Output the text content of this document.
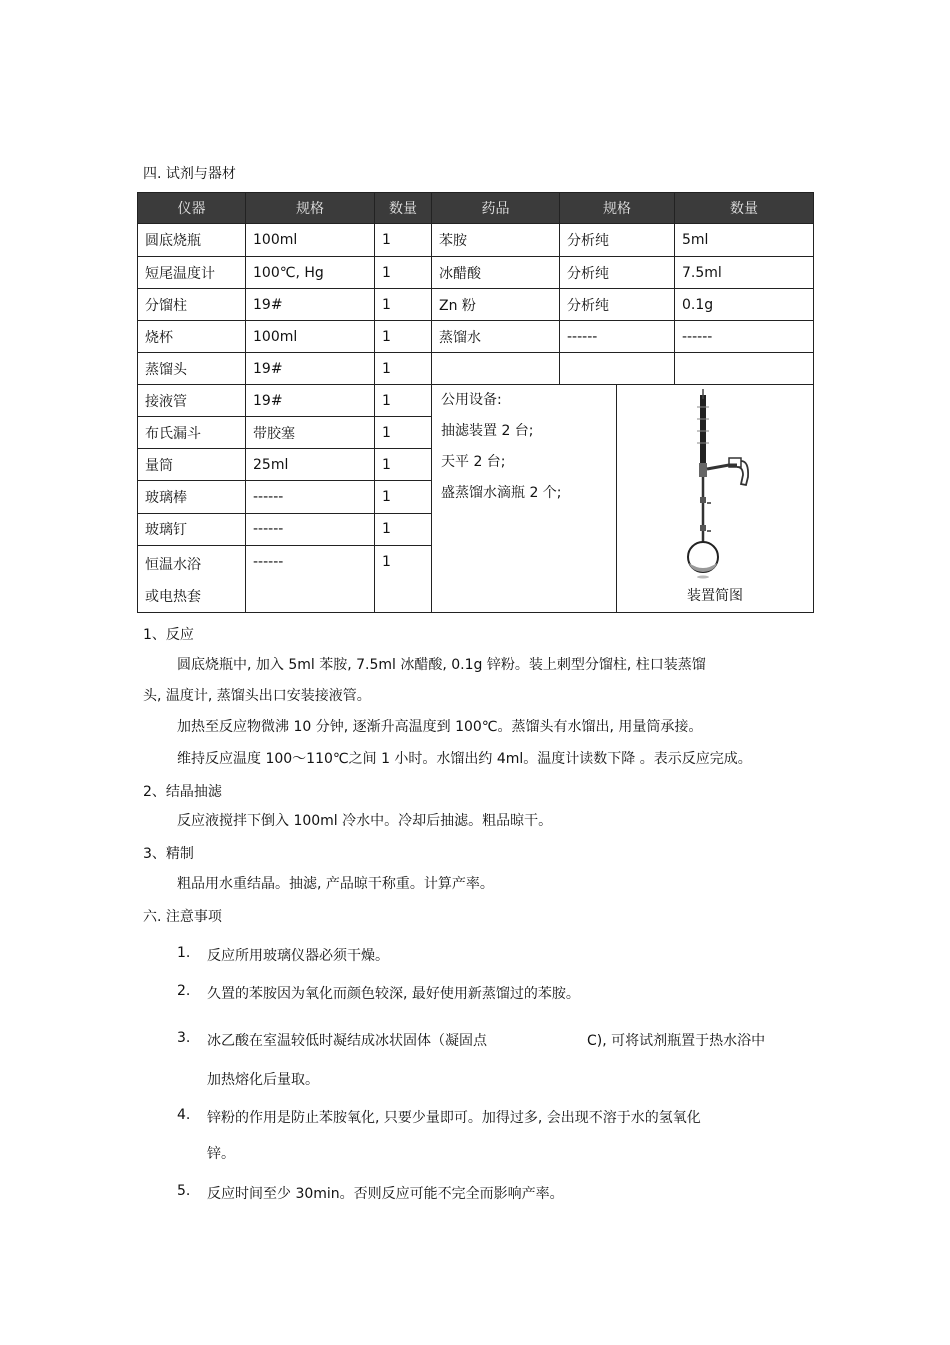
四. 试剂与器材
仪器	规格	数量	药品	规格	数量
圆底烧瓶	100ml	1	苯胺	分析纯	5ml
短尾温度计	100℃, Hg	1	冰醋酸	分析纯	7.5ml
分馏柱	19#	1	Zn 粉	分析纯	0.1g
烧杯	100ml	1	蒸馏水	------	------
蒸馏头	19#	1			
接液管	19#	1	公用设备:
抽滤装置 2 台;
天平 2 台;
盛蒸馏水滴瓶 2 个;
装置简图		

布氏漏斗	带胶塞	1			
量筒	25ml	1			
玻璃棒	------	1			
玻璃钉	------	1			
恒温水浴
或电热套	------	1			
1、反应
圆底烧瓶中, 加入 5ml 苯胺, 7.5ml 冰醋酸, 0.1g 锌粉。装上刺型分馏柱, 柱口装蒸馏
头, 温度计, 蒸馏头出口安装接液管。
加热至反应物微沸 10 分钟, 逐渐升高温度到 100℃。蒸馏头有水馏出, 用量筒承接。
维持反应温度 100～110℃之间 1 小时。水馏出约 4ml。温度计读数下降 。表示反应完成。
2、结晶抽滤
反应液搅拌下倒入 100ml 冷水中。冷却后抽滤。粗品晾干。
3、精制
粗品用水重结晶。抽滤, 产品晾干称重。计算产率。
六. 注意事项
1. 反应所用玻璃仪器必须干燥。
2. 久置的苯胺因为氧化而颜色较深, 最好使用新蒸馏过的苯胺。
3. 冰乙酸在室温较低时凝结成冰状固体（凝固点	C), 可将试剂瓶置于热水浴中
加热熔化后量取。
4. 锌粉的作用是防止苯胺氧化, 只要少量即可。加得过多, 会出现不溶于水的氢氧化
锌。
5. 反应时间至少 30min。否则反应可能不完全而影响产率。
